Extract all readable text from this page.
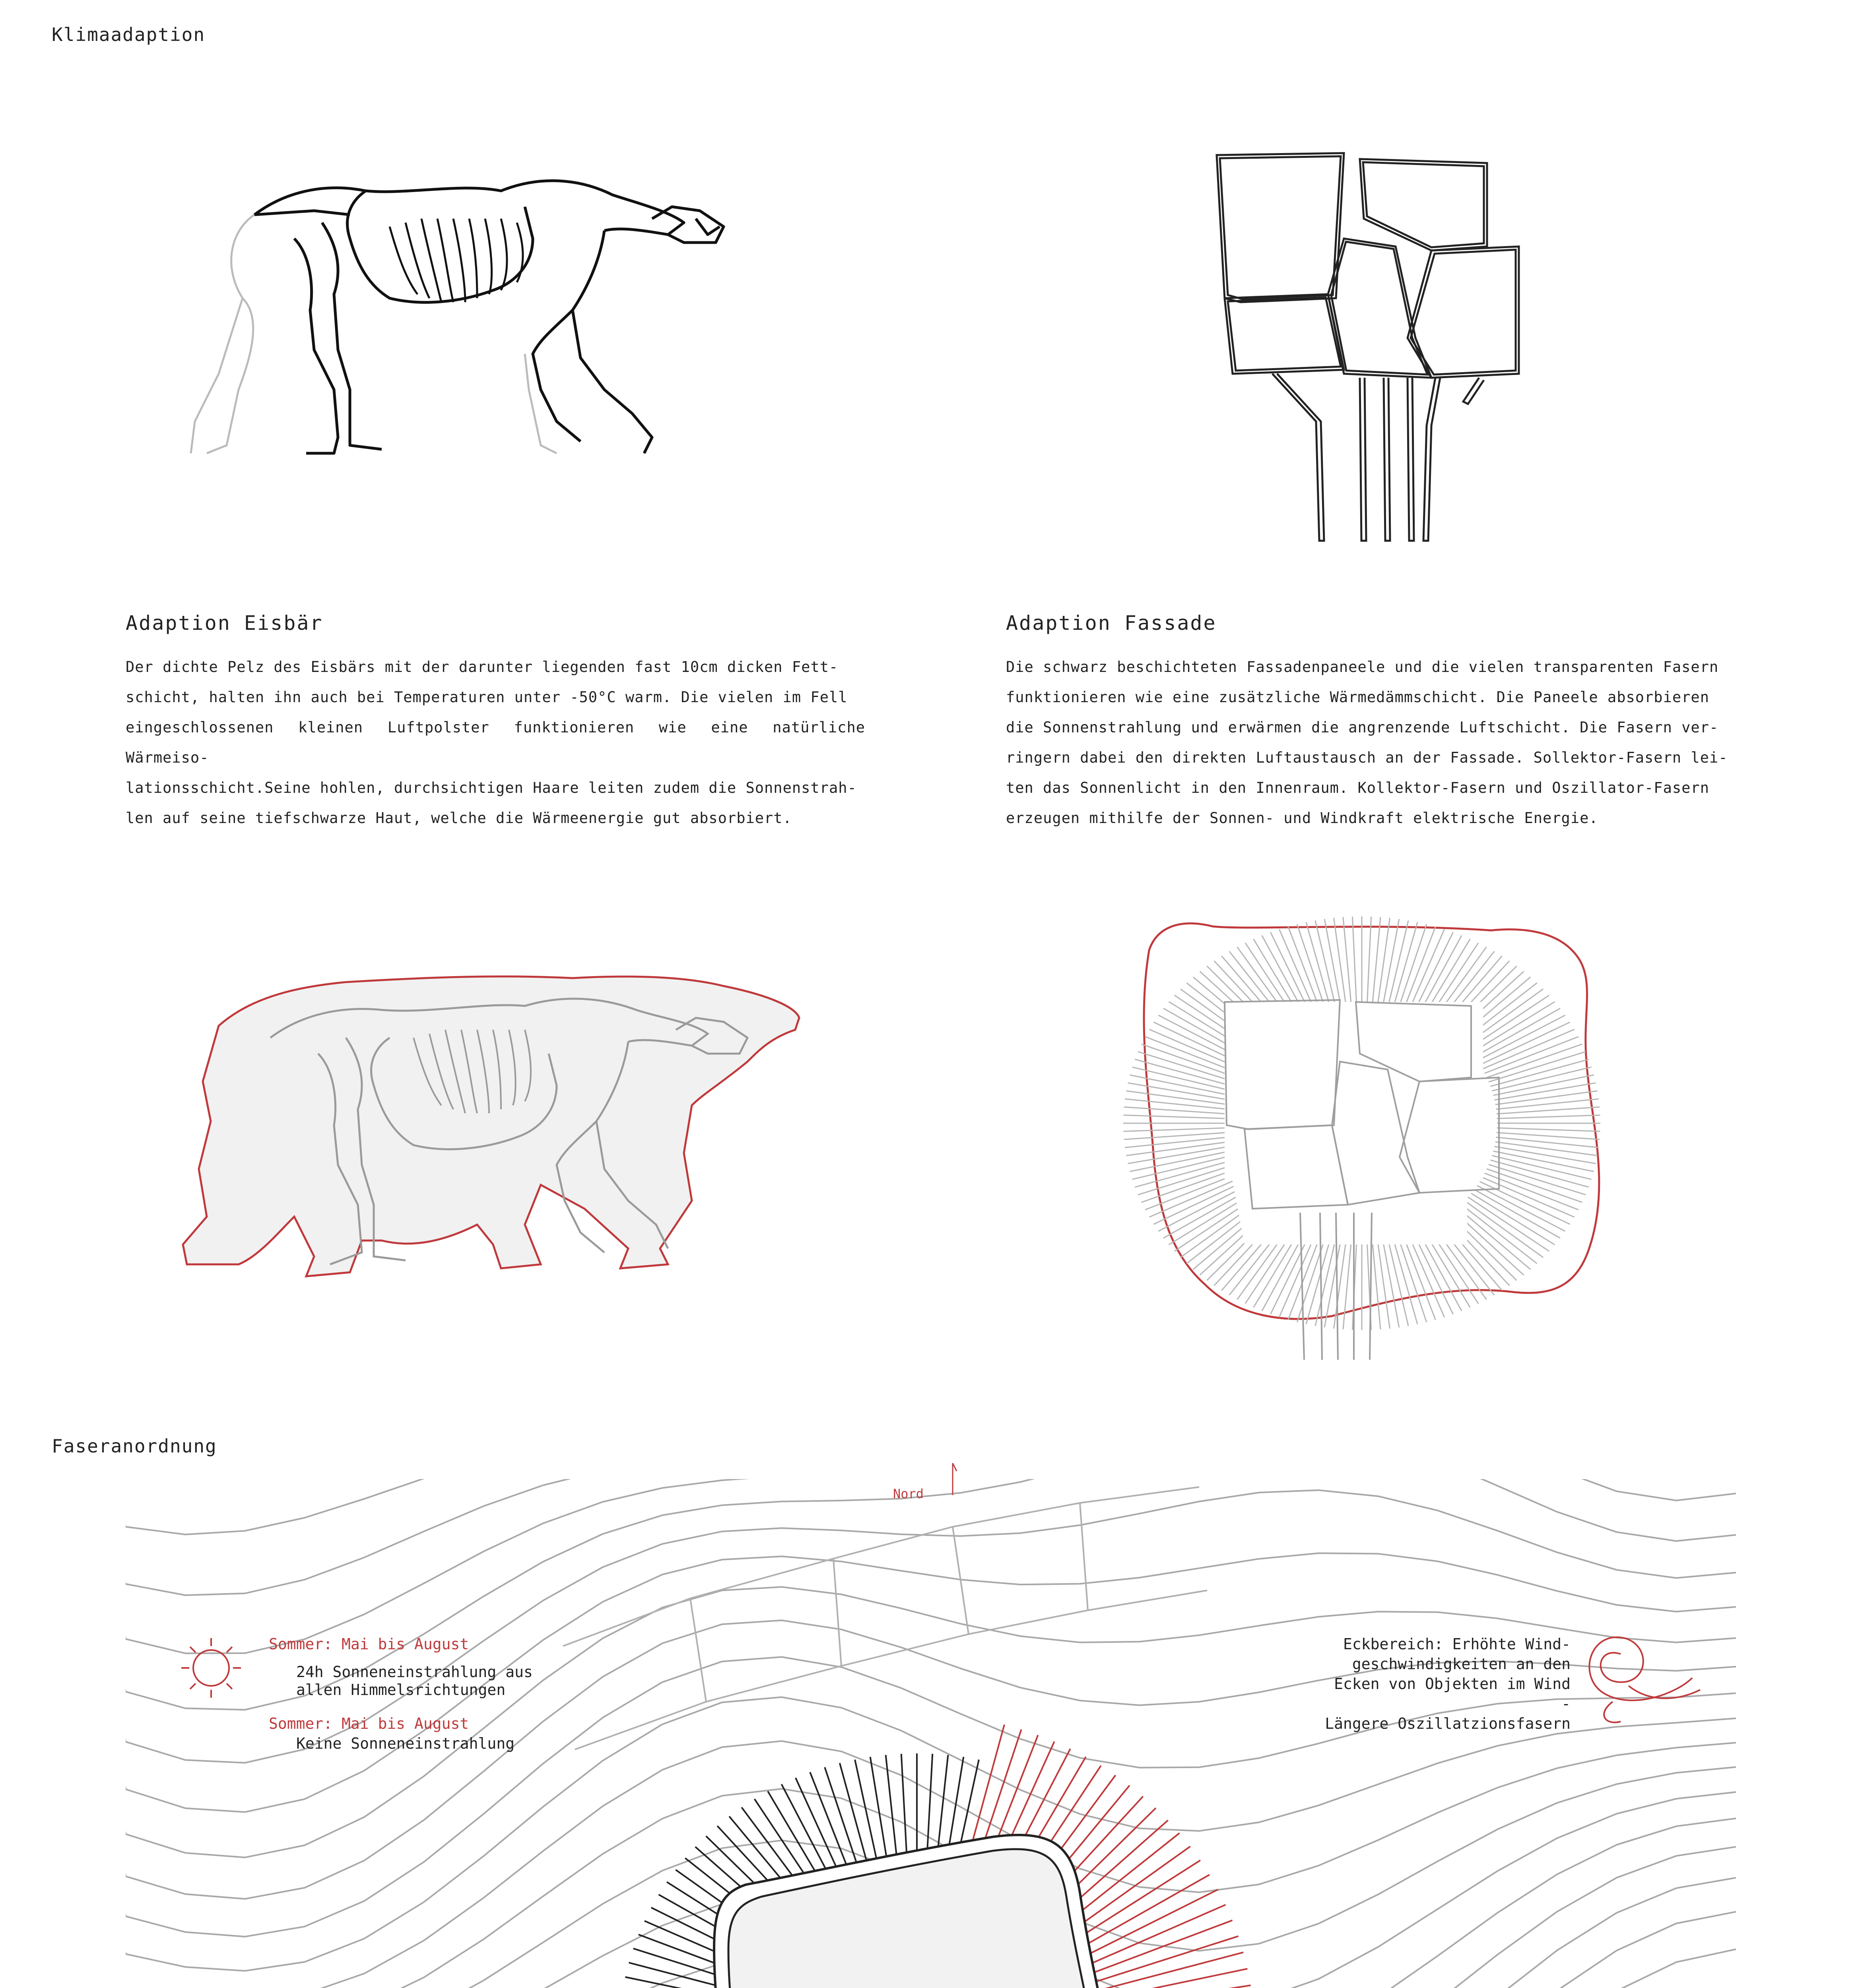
Klimaadaption
Adaption Eisbär
Der dichte Pelz des Eisbärs mit der darunter liegenden fast 10cm dicken Fett-
schicht, halten ihn auch bei Temperaturen unter -50°C warm. Die vielen im Fell
eingeschlossenen kleinen Luftpolster funktionieren wie eine natürliche Wärmeiso-
lationsschicht.Seine hohlen, durchsichtigen Haare leiten zudem die Sonnenstrah-
len auf seine tiefschwarze Haut, welche die Wärmeenergie gut absorbiert.
Adaption Fassade
Die schwarz beschichteten Fassadenpaneele und die vielen transparenten Fasern
funktionieren wie eine zusätzliche Wärmedämmschicht. Die Paneele absorbieren
die Sonnenstrahlung und erwärmen die angrenzende Luftschicht. Die Fasern ver-
ringern dabei den direkten Luftaustausch an der Fassade. Sollektor-Fasern lei-
ten das Sonnenlicht in den Innenraum. Kollektor-Fasern und Oszillator-Fasern
erzeugen mithilfe der Sonnen- und Windkraft elektrische Energie.
Faseranordnung
Nord
Sommer: Mai bis August
24h Sonneneinstrahlung aus
allen Himmelsrichtungen
Sommer: Mai bis August
Keine Sonneneinstrahlung
Eckbereich: Erhöhte Wind-
geschwindigkeiten an den
Ecken von Objekten im Wind
-
Längere Oszillatzionsfasern
